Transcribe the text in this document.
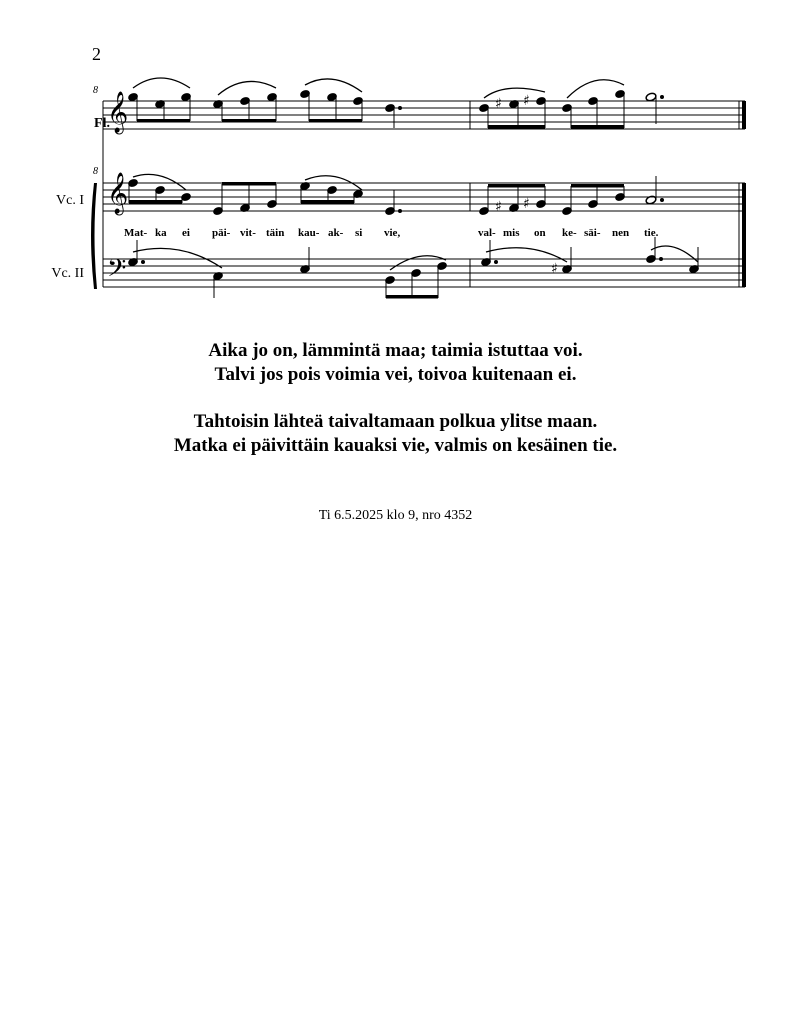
2
Fl.
Vc. I
Vc. II
𝄞
𝄞
𝄢
8
8
♯ ♯
♯ ♯
Mat- ka ei päi- vit- täin kau- ak- si vie,	val- mis on ke- säi- nen tie.
♯
Aika jo on, lämmintä maa; taimia istuttaa voi.
Talvi jos pois voimia vei, toivoa kuitenaan ei.
Tahtoisin lähteä taivaltamaan polkua ylitse maan.
Matka ei päivittäin kauaksi vie, valmis on kesäinen tie.
Ti 6.5.2025 klo 9, nro 4352
